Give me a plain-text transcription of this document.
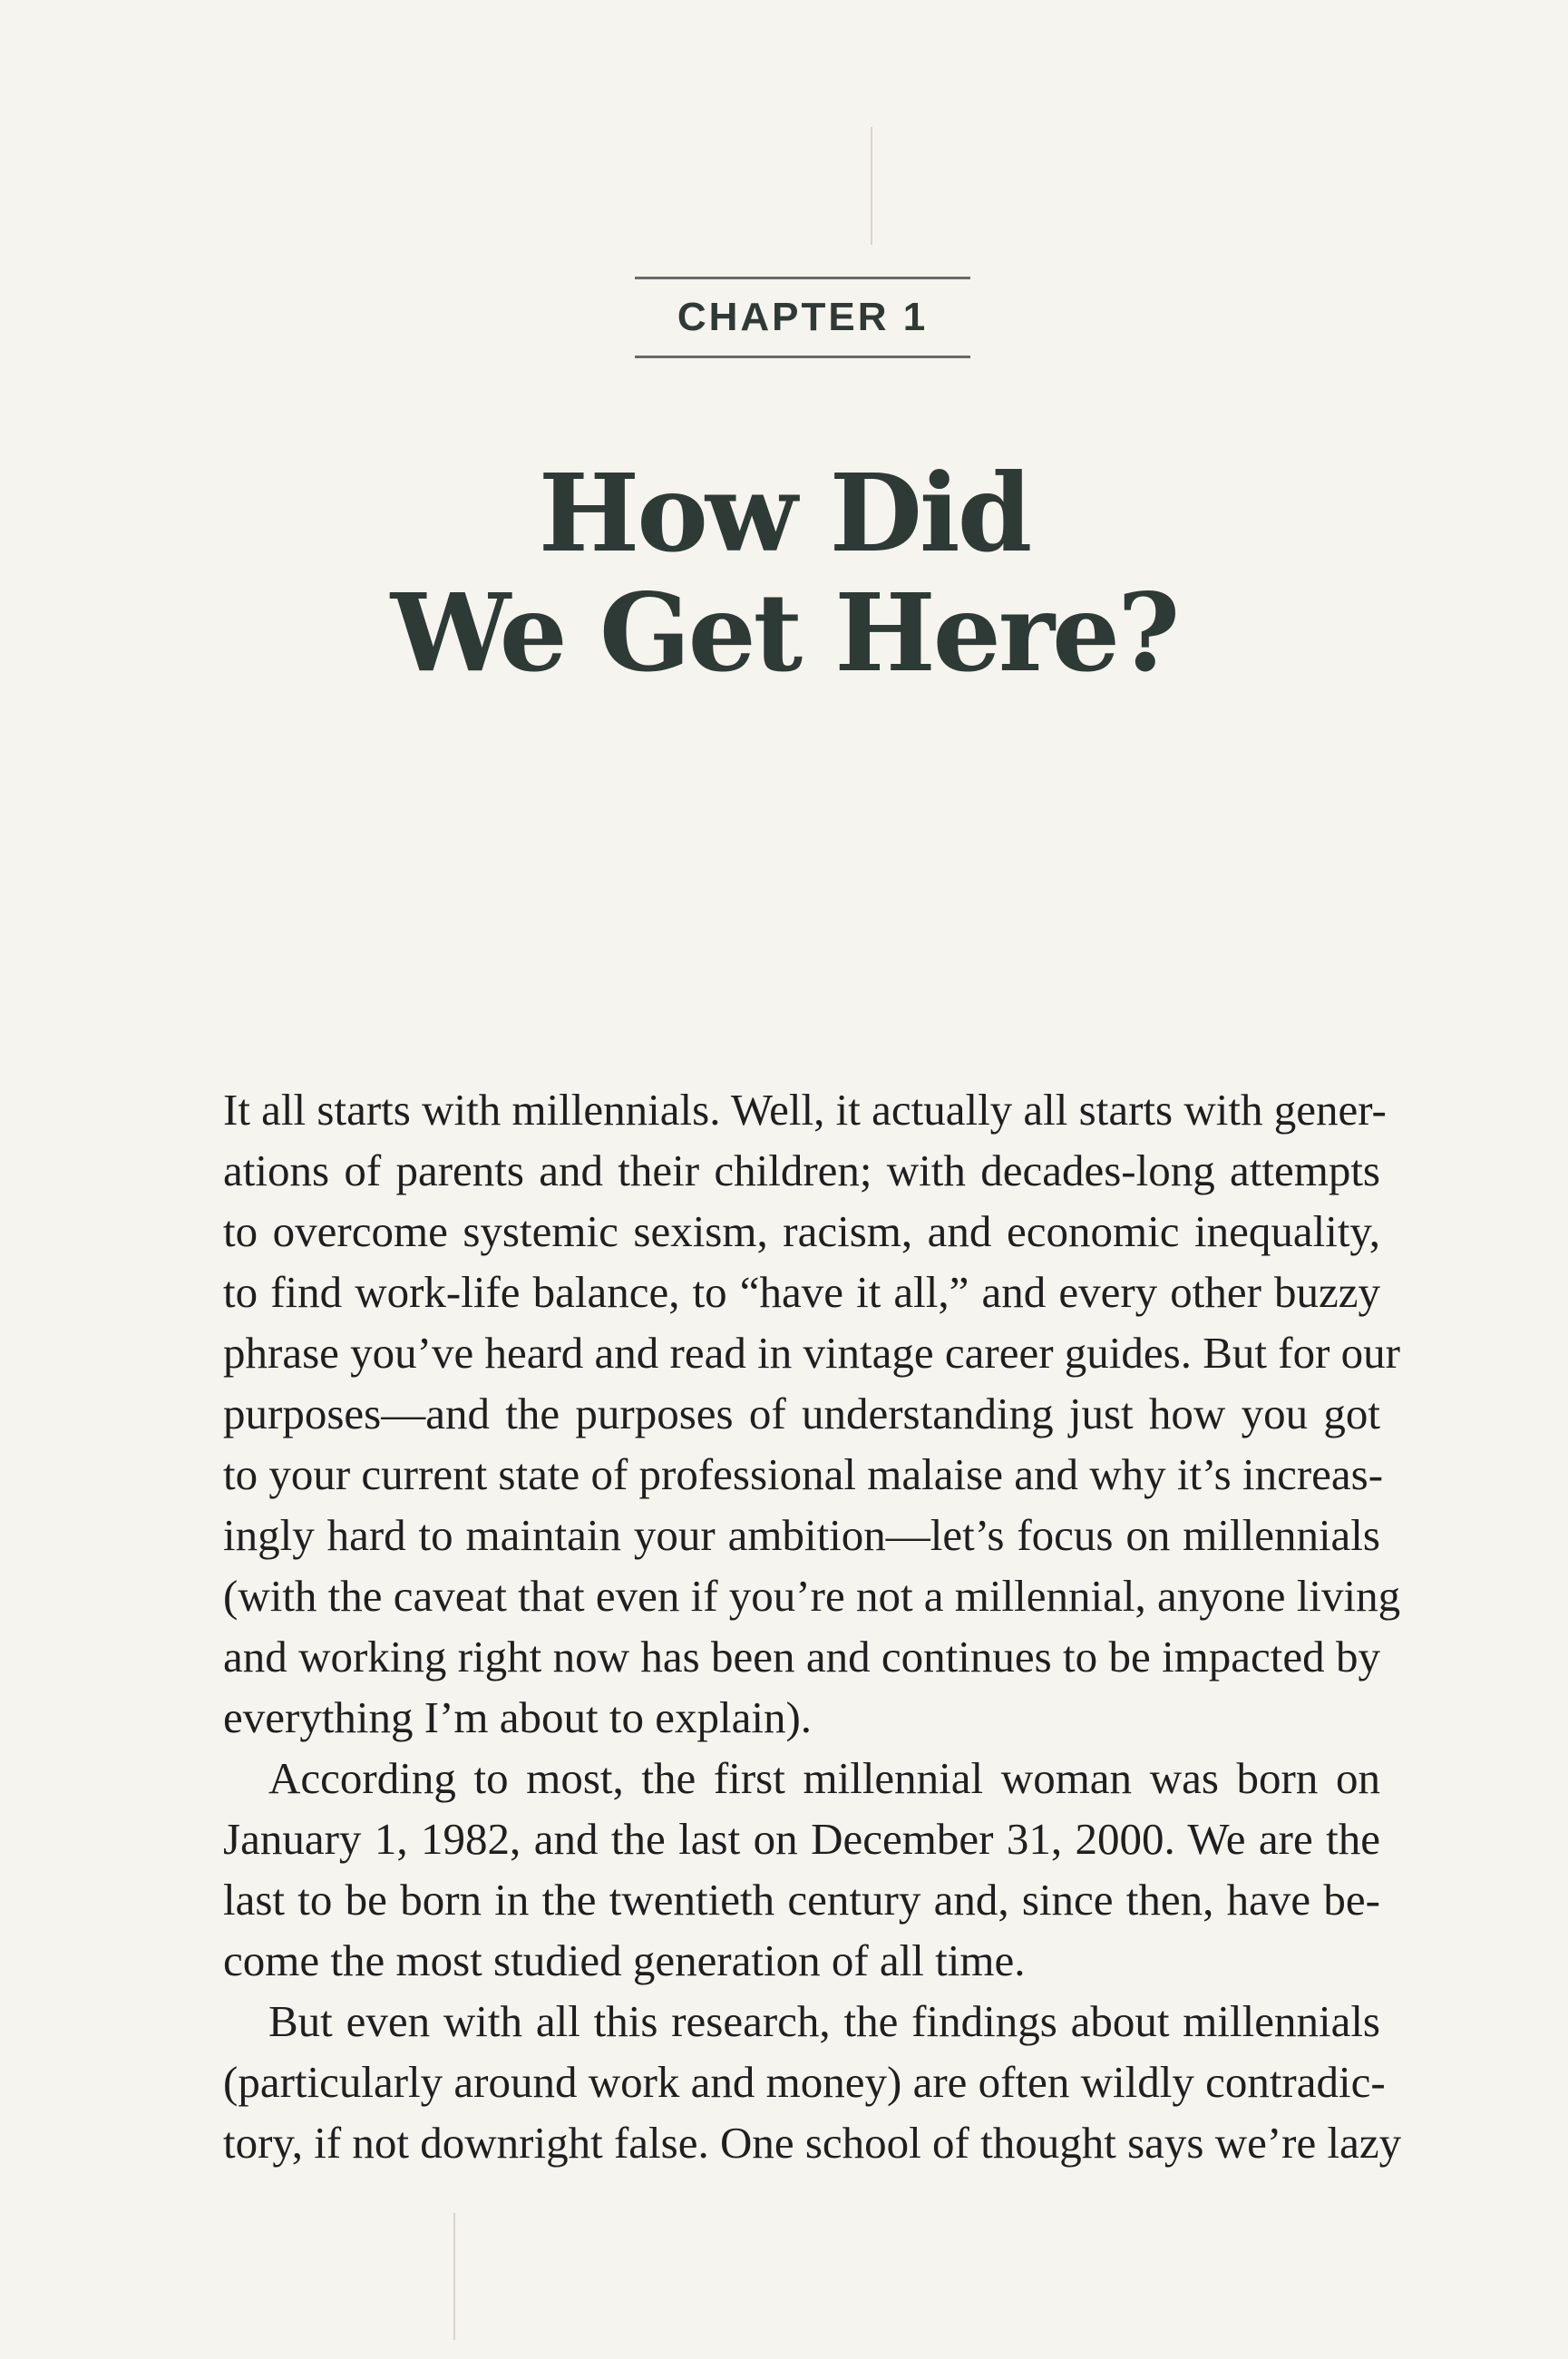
CHAPTER 1
How Did
We Get Here?
It all starts with millennials. Well, it actually all starts with gener-
ations of parents and their children; with decades-long attempts
to overcome systemic sexism, racism, and economic inequality,
to find work-life balance, to “have it all,” and every other buzzy
phrase you’ve heard and read in vintage career guides. But for our
purposes—and the purposes of understanding just how you got
to your current state of professional malaise and why it’s increas-
ingly hard to maintain your ambition—let’s focus on millennials
(with the caveat that even if you’re not a millennial, anyone living
and working right now has been and continues to be impacted by
everything I’m about to explain).
According to most, the first millennial woman was born on
January 1, 1982, and the last on December 31, 2000. We are the
last to be born in the twentieth century and, since then, have be-
come the most studied generation of all time.
But even with all this research, the findings about millennials
(particularly around work and money) are often wildly contradic-
tory, if not downright false. One school of thought says we’re lazy
